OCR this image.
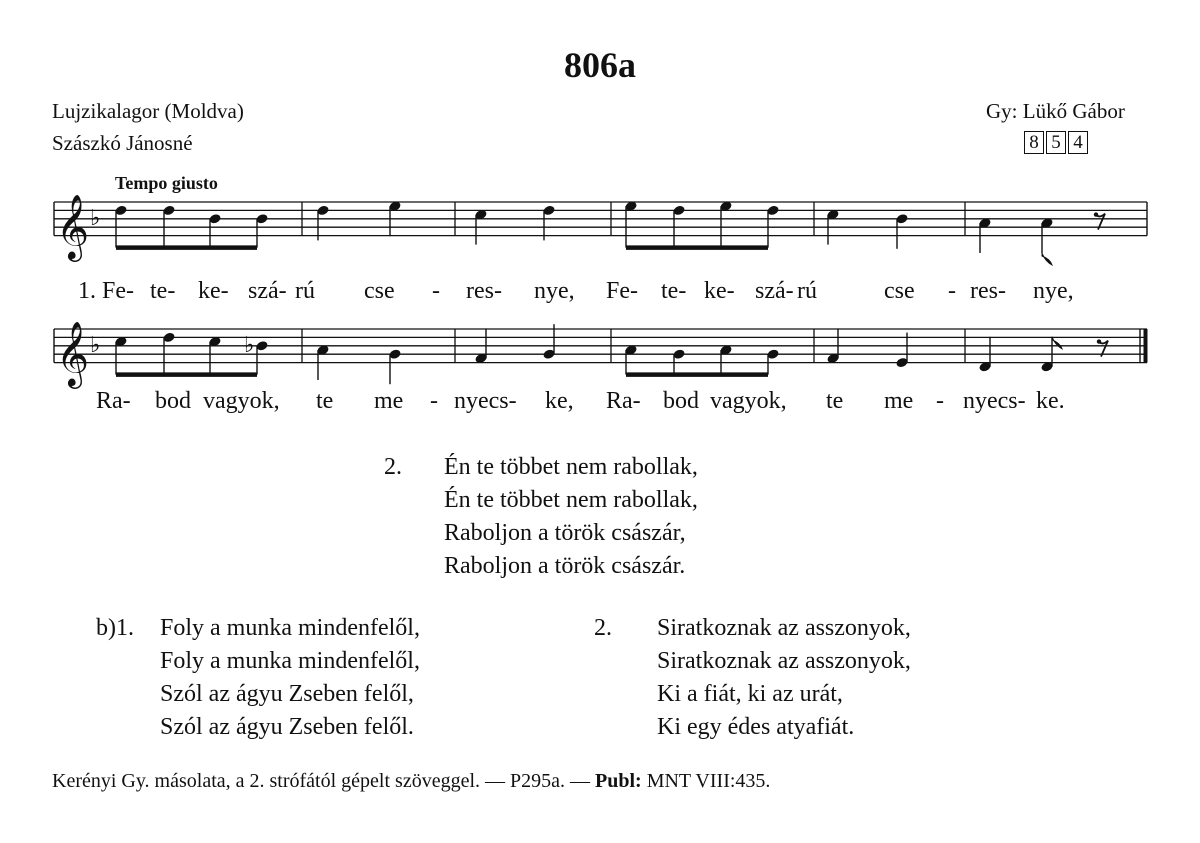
806a
Lujzikalagor (Moldva)
Szászkó Jánosné
Gy: Lükő Gábor
8 5 4
Tempo giusto
𝄞 ♭
𝄞 ♭	♭
1. Fe- te- ke- szá- rú cse - res- nye, Fe- te- ke- szá- rú	cse - res- nye,
Ra- bod vagyok, te me - nyecs- ke, Ra- bod vagyok, te me - nyecs- ke.
2. Én te többet nem rabollak,
Én te többet nem rabollak,
Raboljon a török császár,
Raboljon a török császár.
b)1. Foly a munka mindenfelől,
Foly a munka mindenfelől,
Szól az ágyu Zseben felől,
Szól az ágyu Zseben felől.
2. Siratkoznak az asszonyok,
Siratkoznak az asszonyok,
Ki a fiát, ki az urát,
Ki egy édes atyafiát.
Kerényi Gy. másolata, a 2. strófától gépelt szöveggel. — P295a. — Publ: MNT VIII:435.
